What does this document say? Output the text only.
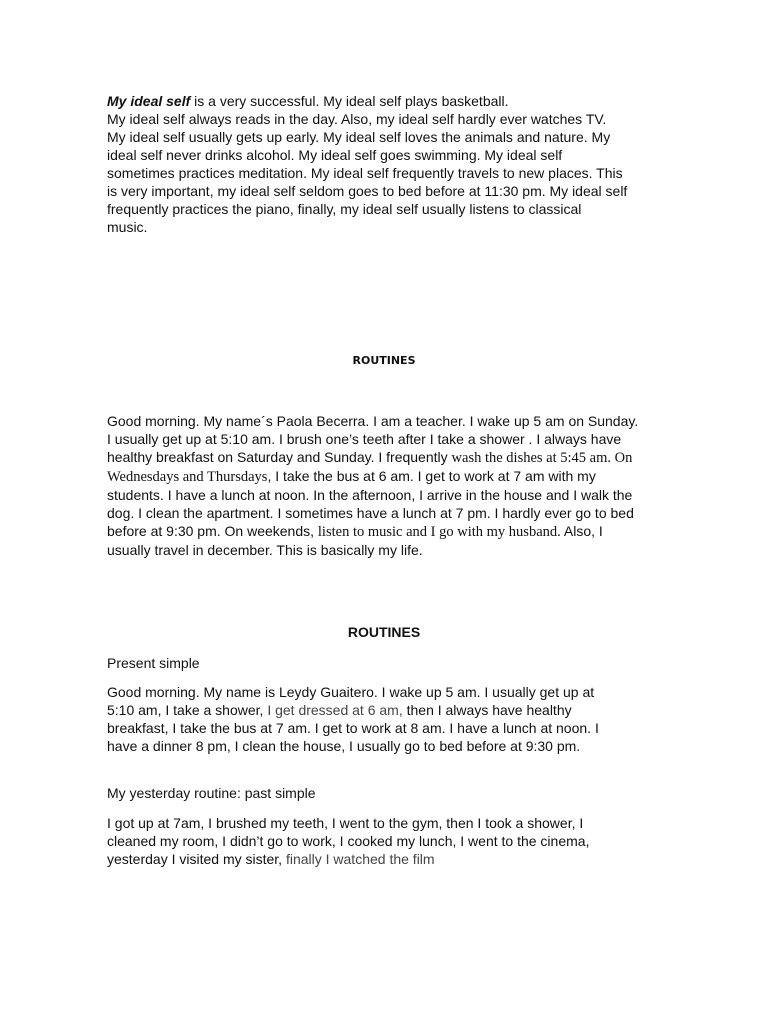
My ideal self is a very successful. My ideal self plays basketball.
My ideal self always reads in the day. Also, my ideal self hardly ever watches TV.
My ideal self usually gets up early. My ideal self loves the animals and nature. My
ideal self never drinks alcohol. My ideal self goes swimming. My ideal self
sometimes practices meditation. My ideal self frequently travels to new places. This
is very important, my ideal self seldom goes to bed before at 11:30 pm. My ideal self
frequently practices the piano, finally, my ideal self usually listens to classical
music.

ROUTINES

Good morning. My name´s Paola Becerra. I am a teacher. I wake up 5 am on Sunday.
I usually get up at 5:10 am. I brush one’s teeth after I take a shower . I always have
healthy breakfast on Saturday and Sunday. I frequently wash the dishes at 5:45 am. On
Wednesdays and Thursdays, I take the bus at 6 am. I get to work at 7 am with my
students. I have a lunch at noon. In the afternoon, I arrive in the house and I walk the
dog. I clean the apartment. I sometimes have a lunch at 7 pm. I hardly ever go to bed
before at 9:30 pm. On weekends, listen to music and I go with my husband. Also, I
usually travel in december. This is basically my life.

ROUTINES

Present simple

Good morning. My name is Leydy Guaitero. I wake up 5 am. I usually get up at
5:10 am, I take a shower, I get dressed at 6 am, then I always have healthy
breakfast, I take the bus at 7 am. I get to work at 8 am. I have a lunch at noon. I
have a dinner 8 pm, I clean the house, I usually go to bed before at 9:30 pm.

My yesterday routine: past simple

I got up at 7am, I brushed my teeth, I went to the gym, then I took a shower, I
cleaned my room, I didn’t go to work, I cooked my lunch, I went to the cinema,
yesterday I visited my sister, finally I watched the film
